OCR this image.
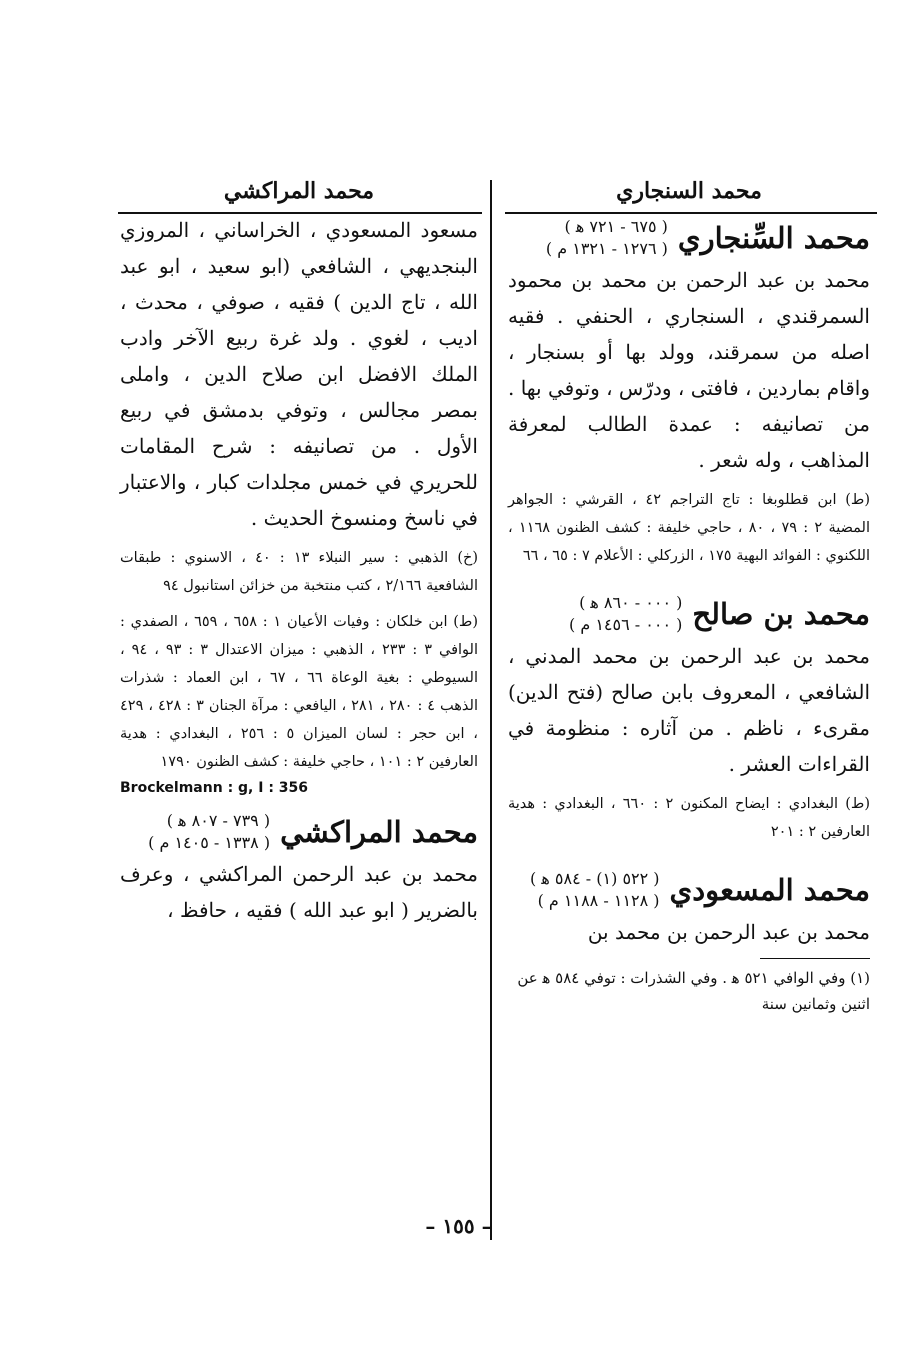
محمد السنجاري
محمد السِّنجاري
( ٦٧٥ - ٧٢١ ﻫ )
( ١٢٧٦ - ١٣٢١ م )
محمد بن عبد الرحمن بن محمد بن محمود السمرقندي ، السنجاري ، الحنفي . فقيه اصله من سمرقند، وولد بها أو بسنجار ، واقام بماردين ، فافتى ، ودرّس ، وتوفي بها . من تصانيفه : عمدة الطالب لمعرفة المذاهب ، وله شعر .
(ط) ابن قطلوبغا : تاج التراجم ٤٢ ، القرشي : الجواهر المضية ٢ : ٧٩ ، ٨٠ ، حاجي خليفة : كشف الظنون ١١٦٨ ، اللكنوي : الفوائد البهية ١٧٥ ، الزركلي : الأعلام ٧ : ٦٥ ، ٦٦
محمد بن صالح
( ٠٠٠ - ٨٦٠ ﻫ )
( ٠٠٠ - ١٤٥٦ م )
محمد بن عبد الرحمن بن محمد المدني ، الشافعي ، المعروف بابن صالح (فتح الدين) مقرىء ، ناظم . من آثاره : منظومة في القراءات العشر .
(ط) البغدادي : ايضاح المكنون ٢ : ٦٦٠ ، البغدادي : هدية العارفين ٢ : ٢٠١
محمد المسعودي
( ٥٢٢ (١) - ٥٨٤ ﻫ )
( ١١٢٨ - ١١٨٨ م )
محمد بن عبد الرحمن بن محمد بن
(١) وفي الوافي ٥٢١ ﻫ . وفي الشذرات : توفي ٥٨٤ ﻫ عن اثنين وثمانين سنة
محمد المراكشي
مسعود المسعودي ، الخراساني ، المروزي البنجديهي ، الشافعي (ابو سعيد ، ابو عبد الله ، تاج الدين ) فقيه ، صوفي ، محدث ، اديب ، لغوي . ولد غرة ربيع الآخر وادب الملك الافضل ابن صلاح الدين ، واملى بمصر مجالس ، وتوفي بدمشق في ربيع الأول . من تصانيفه : شرح المقامات للحريري في خمس مجلدات كبار ، والاعتبار في ناسخ ومنسوخ الحديث .
(خ) الذهبي : سير النبلاء ١٣ : ٤٠ ، الاسنوي : طبقات الشافعية ٢/١٦٦ ، كتب منتخبة من خزائن استانبول ٩٤
(ط) ابن خلكان : وفيات الأعيان ١ : ٦٥٨ ، ٦٥٩ ، الصفدي : الوافي ٣ : ٢٣٣ ، الذهبي : ميزان الاعتدال ٣ : ٩٣ ، ٩٤ ، السيوطي : بغية الوعاة ٦٦ ، ٦٧ ، ابن العماد : شذرات الذهب ٤ : ٢٨٠ ، ٢٨١ ، اليافعي : مرآة الجنان ٣ : ٤٢٨ ، ٤٢٩ ، ابن حجر : لسان الميزان ٥ : ٢٥٦ ، البغدادي : هدية العارفين ٢ : ١٠١ ، حاجي خليفة : كشف الظنون ١٧٩٠
Brockelmann : g, I : 356
محمد المراكشي
( ٧٣٩ - ٨٠٧ ﻫ )
( ١٣٣٨ - ١٤٠٥ م )
محمد بن عبد الرحمن المراكشي ، وعرف بالضرير ( ابو عبد الله ) فقيه ، حافظ ،
– ١٥٥ –
